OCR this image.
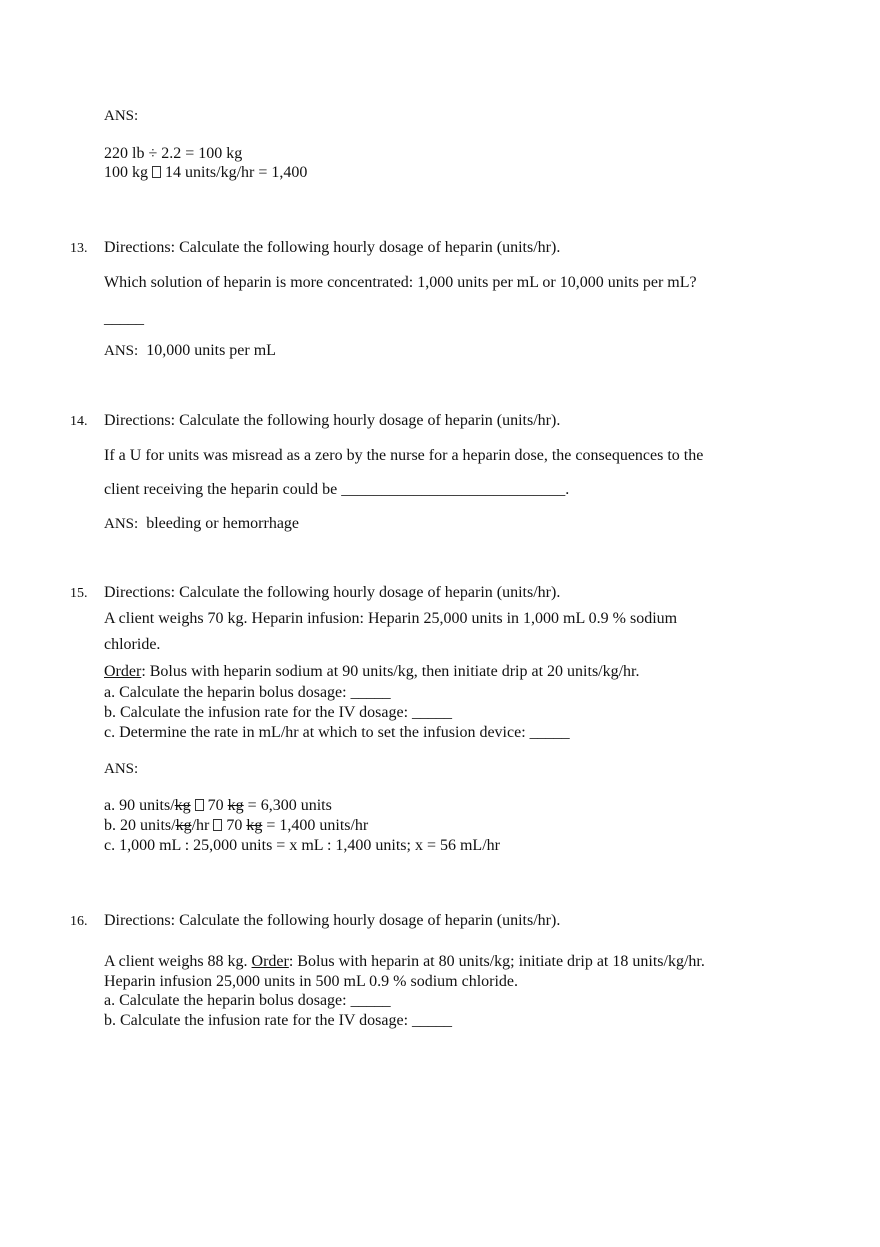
ANS:
220 lb ÷ 2.2 = 100 kg
100 kg 14 units/kg/hr = 1,400
13. Directions: Calculate the following hourly dosage of heparin (units/hr).
Which solution of heparin is more concentrated: 1,000 units per mL or 10,000 units per mL?
_____
ANS: 10,000 units per mL
14. Directions: Calculate the following hourly dosage of heparin (units/hr).
If a U for units was misread as a zero by the nurse for a heparin dose, the consequences to the
client receiving the heparin could be ____________________________.
ANS: bleeding or hemorrhage
15. Directions: Calculate the following hourly dosage of heparin (units/hr).
A client weighs 70 kg. Heparin infusion: Heparin 25,000 units in 1,000 mL 0.9 % sodium
chloride.
Order: Bolus with heparin sodium at 90 units/kg, then initiate drip at 20 units/kg/hr.
a. Calculate the heparin bolus dosage: _____
b. Calculate the infusion rate for the IV dosage: _____
c. Determine the rate in mL/hr at which to set the infusion device: _____
ANS:
a. 90 units/kg 70 kg = 6,300 units
b. 20 units/kg/hr 70 kg = 1,400 units/hr
c. 1,000 mL : 25,000 units = x mL : 1,400 units; x = 56 mL/hr
16. Directions: Calculate the following hourly dosage of heparin (units/hr).
A client weighs 88 kg. Order: Bolus with heparin at 80 units/kg; initiate drip at 18 units/kg/hr.
Heparin infusion 25,000 units in 500 mL 0.9 % sodium chloride.
a. Calculate the heparin bolus dosage: _____
b. Calculate the infusion rate for the IV dosage: _____
